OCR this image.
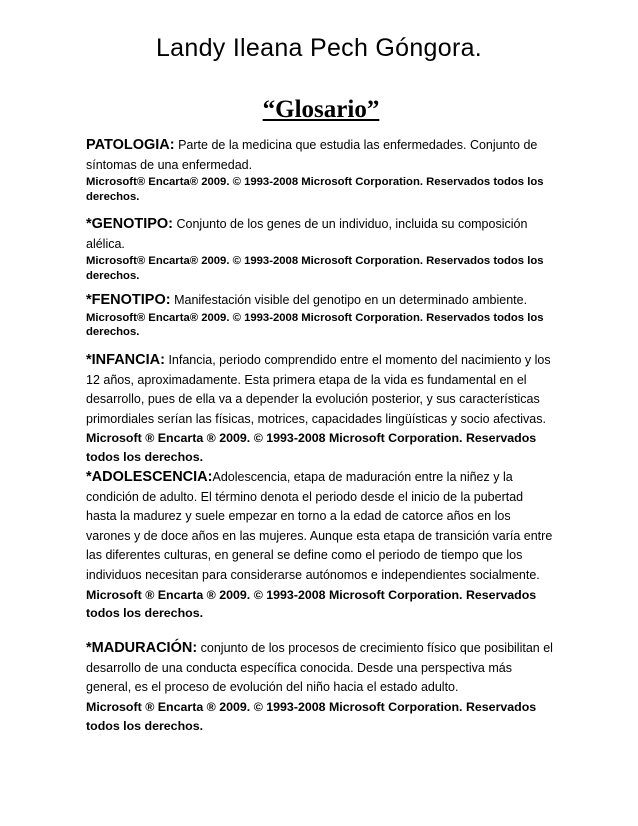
Landy Ileana Pech Góngora.
“Glosario”

PATOLOGIA: Parte de la medicina que estudia las enfermedades. Conjunto de síntomas de una enfermedad.

Microsoft® Encarta® 2009. © 1993-2008 Microsoft Corporation. Reservados todos los derechos.

*GENOTIPO: Conjunto de los genes de un individuo, incluida su composición alélica.

Microsoft® Encarta® 2009. © 1993-2008 Microsoft Corporation. Reservados todos los derechos.

*FENOTIPO: Manifestación visible del genotipo en un determinado ambiente.

Microsoft® Encarta® 2009. © 1993-2008 Microsoft Corporation. Reservados todos los derechos.

*INFANCIA: Infancia, periodo comprendido entre el momento del nacimiento y los 12 años, aproximadamente. Esta primera etapa de la vida es fundamental en el desarrollo, pues de ella va a depender la evolución posterior, y sus características primordiales serían las físicas, motrices, capacidades lingüísticas y socio afectivas.

Microsoft ® Encarta ® 2009. © 1993-2008 Microsoft Corporation. Reservados todos los derechos.

*ADOLESCENCIA:Adolescencia, etapa de maduración entre la niñez y la condición de adulto. El término denota el periodo desde el inicio de la pubertad hasta la madurez y suele empezar en torno a la edad de catorce años en los varones y de doce años en las mujeres. Aunque esta etapa de transición varía entre las diferentes culturas, en general se define como el periodo de tiempo que los individuos necesitan para considerarse autónomos e independientes socialmente.

Microsoft ® Encarta ® 2009. © 1993-2008 Microsoft Corporation. Reservados todos los derechos.

*MADURACIÓN: conjunto de los procesos de crecimiento físico que posibilitan el desarrollo de una conducta específica conocida. Desde una perspectiva más general, es el proceso de evolución del niño hacia el estado adulto.

Microsoft ® Encarta ® 2009. © 1993-2008 Microsoft Corporation. Reservados todos los derechos.
